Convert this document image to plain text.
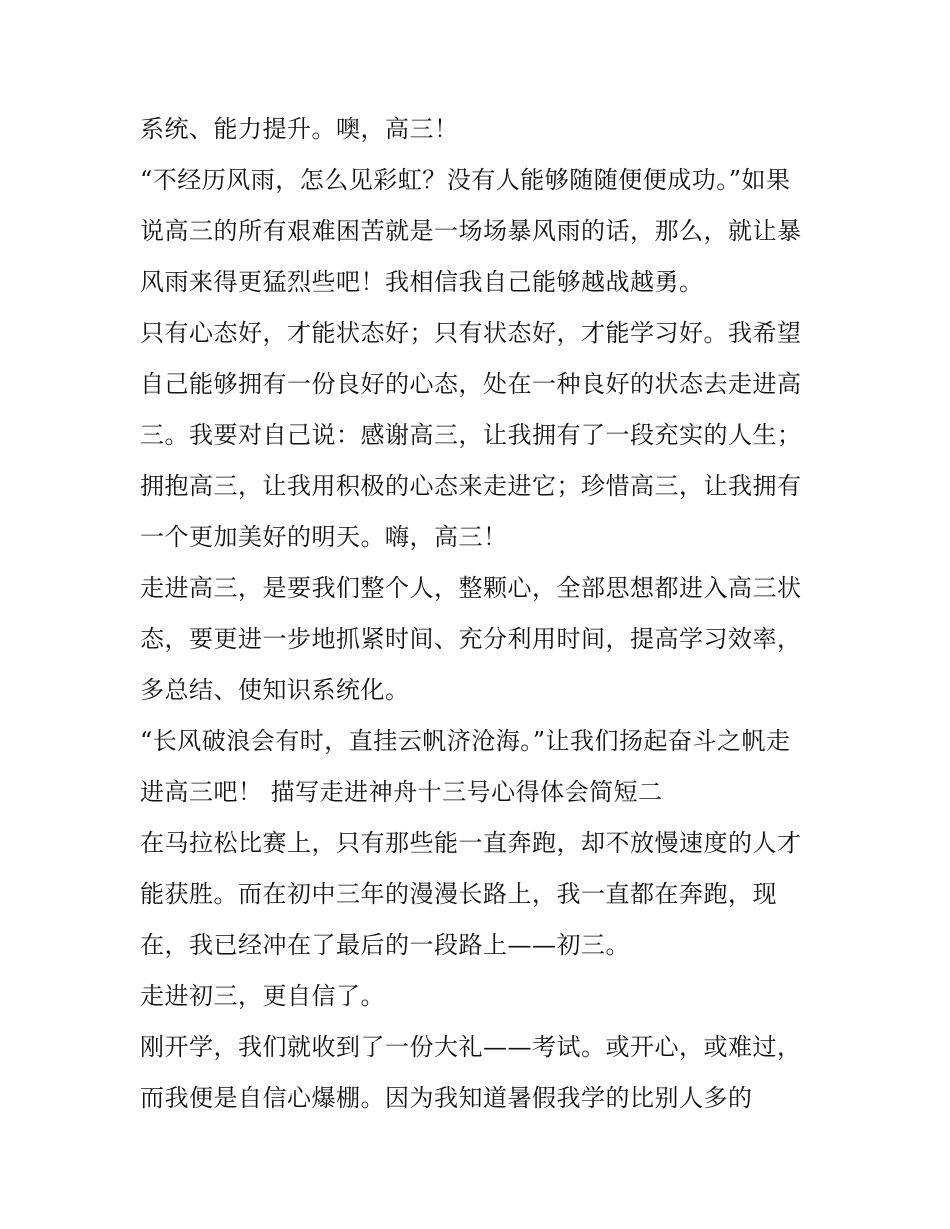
系统、能力提升。噢，高三！
“不经历风雨，怎么见彩虹？没有人能够随随便便成功。”如果
说高三的所有艰难困苦就是一场场暴风雨的话，那么，就让暴
风雨来得更猛烈些吧！我相信我自己能够越战越勇。
只有心态好，才能状态好；只有状态好，才能学习好。我希望
自己能够拥有一份良好的心态，处在一种良好的状态去走进高
三。我要对自己说：感谢高三，让我拥有了一段充实的人生；
拥抱高三，让我用积极的心态来走进它；珍惜高三，让我拥有
一个更加美好的明天。嗨，高三！
走进高三，是要我们整个人，整颗心，全部思想都进入高三状
态，要更进一步地抓紧时间、充分利用时间，提高学习效率，
多总结、使知识系统化。
“长风破浪会有时，直挂云帆济沧海。”让我们扬起奋斗之帆走
进高三吧！ 描写走进神舟十三号心得体会简短二
在马拉松比赛上，只有那些能一直奔跑，却不放慢速度的人才
能获胜。而在初中三年的漫漫长路上，我一直都在奔跑，现
在，我已经冲在了最后的一段路上——初三。
走进初三，更自信了。
刚开学，我们就收到了一份大礼——考试。或开心，或难过，
而我便是自信心爆棚。因为我知道暑假我学的比别人多的
